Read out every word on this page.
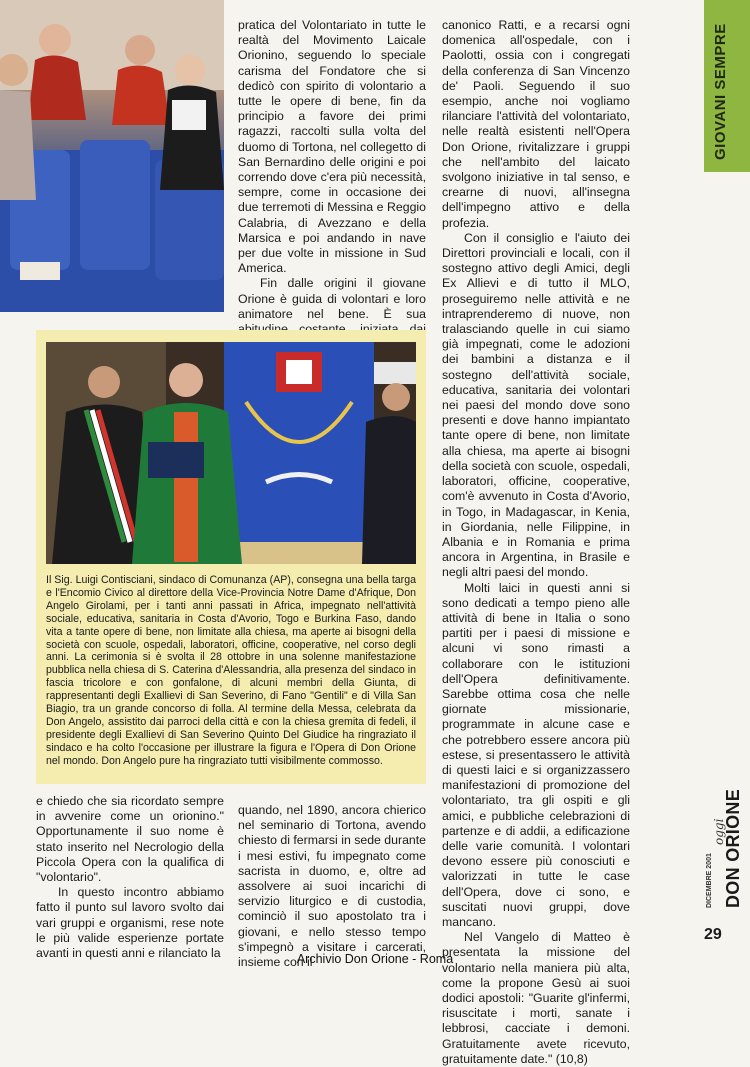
GIOVANI SEMPRE

pratica del Volontariato in tutte le realtà del Movimento Laicale Orionino, seguendo lo speciale carisma del Fondatore che si dedicò con spirito di volontario a tutte le opere di bene, fin da principio a favore dei primi ragazzi, raccolti sulla volta del duomo di Tortona, nel collegetto di San Bernardino delle origini e poi correndo dove c'era più necessità, sempre, come in occasione dei due terremoti di Messina e Reggio Calabria, di Avezzano e della Marsica e poi andando in nave per due volte in missione in Sud America.

Fin dalle origini il giovane Orione è guida di volontari e loro animatore nel bene. È sua

canonico Ratti, e a recarsi ogni domenica all'ospedale, con i Paolotti, ossia con i congregati della conferenza di San Vincenzo de' Paoli. Seguendo il suo esempio, anche noi vogliamo rilanciare l'attività del volontariato, nelle realtà esistenti nell'Opera Don Orione, rivitalizzare i gruppi che nell'ambito del laicato svolgono iniziative in tal senso, e crearne di nuovi, all'insegna dell'impegno attivo e della profezia.

Con il consiglio e l'aiuto dei Direttori provinciali e locali, con il sostegno attivo degli Amici, degli Ex Allievi e di tutto il MLO, proseguiremo nelle attività e ne intraprenderemo di nuove, non tralasciando quelle in cui siamo già impegnati, come le adozioni dei bambini a distanza e il sostegno dell'attività sociale, educativa, sanitaria dei volontari nei paesi del mondo dove sono presenti e dove hanno impiantato tante opere di bene, non limitate alla chiesa, ma aperte ai bisogni della società con scuole, ospedali, laboratori, officine, cooperative, com'è avvenuto in Costa d'Avorio, in Togo, in Madagascar, in Kenia, in Giordania, nelle Filippine, in Albania e in Romania e prima ancora in Argentina, in Brasile e negli altri paesi del mondo.

Molti laici in questi anni si sono dedicati a tempo pieno alle attività di bene in Italia o sono partiti per i paesi di missione e alcuni vi sono rimasti a collaborare con le istituzioni dell'Opera definitivamente. Sarebbe ottima cosa che nelle giornate missionarie, programmate in alcune case e che potrebbero essere ancora più estese, si presentassero le attività di questi laici e si organizzassero manifestazioni di promozione del volontariato, tra gli ospiti e gli amici, e pubbliche celebrazioni di partenze e di addii, a edificazione delle varie comunità. I volontari devono essere più conosciuti e valorizzati in tutte le case dell'Opera, dove ci sono, e suscitati nuovi gruppi, dove mancano.

Nel Vangelo di Matteo è presentata la missione del volontario nella maniera più alta, come la propone Gesù ai suoi dodici apostoli: "Guarite gl'infermi, risuscitate i morti, sanate i lebbrosi, cacciate i demoni. Gratuitamente avete ricevuto, gratuitamente date." (10,8)

Il Sig. Luigi Contisciani, sindaco di Comunanza (AP), consegna una bella targa e l'Encomio Civico al direttore della Vice-Provincia Notre Dame d'Afrique, Don Angelo Girolami, per i tanti anni passati in Africa, impegnato nell'attività sociale, educativa, sanitaria in Costa d'Avorio, Togo e Burkina Faso, dando vita a tante opere di bene, non limitate alla chiesa, ma aperte ai bisogni della società con scuole, ospedali, laboratori, officine, cooperative, nel corso degli anni. La cerimonia si è svolta il 28 ottobre in una solenne manifestazione pubblica nella chiesa di S. Caterina d'Alessandria, alla presenza del sindaco in fascia tricolore e con gonfalone, di alcuni membri della Giunta, di rappresentanti degli Exallievi di San Severino, di Fano "Gentili" e di Villa San Biagio, tra un grande concorso di folla. Al termine della Messa, celebrata da Don Angelo, assistito dai parroci della città e con la chiesa gremita di fedeli, il presidente degli Exallievi di San Severino Quinto Del Giudice ha ringraziato il sindaco e ha colto l'occasione per illustrare la figura e l'Opera di Don Orione nel mondo. Don Angelo pure ha ringraziato tutti visibilmente commosso.

e chiedo che sia ricordato sempre in avvenire come un orionino." Opportunamente il suo nome è stato inserito nel Necrologio della Piccola Opera con la qualifica di "volontario".

In questo incontro abbiamo fatto il punto sul lavoro svolto dai vari gruppi e organismi, rese note le più valide esperienze portate avanti in questi anni e rilanciato la

quando, nel 1890, ancora chierico nel seminario di Tortona, avendo chiesto di fermarsi in sede durante i mesi estivi, fu impegnato come sacrista in duomo, e, oltre ad assolvere ai suoi incarichi di servizio liturgico e di custodia, cominciò il suo apostolato tra i giovani, e nello stesso tempo s'impegnò a visitare i carcerati, insieme con il

DON ORIONE
oggi
DICEMBRE 2001
29
Archivio Don Orione - Roma
